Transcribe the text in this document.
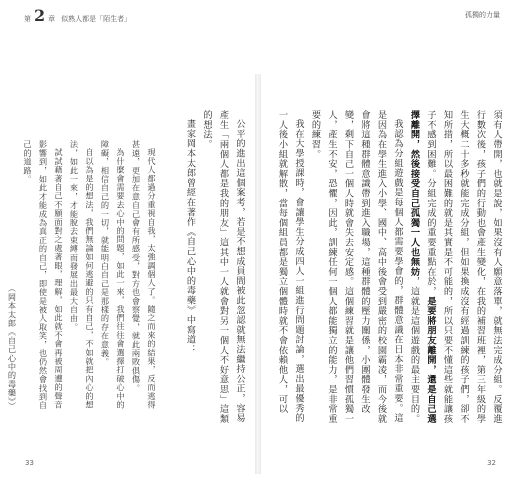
第 2 章 似熟人都是「陌生者」	孤獨的力量

公平的進出這個案考，若是不想成員間被此忽認就無法繼持公正，容易產生「兩個人都是我的朋友」這其中一人就會對另一個人不好意思」這類的想法。

畫家岡本太郎曾經在著作《自己心中的毒藥》中寫道：

現代人都過分重視自我，太強調個人了。隨之而來的結果，反而逃得甚遠，更加在意自己會有所感受，對方也會察覺，就此兩敗俱傷。

為什麼會需要去心中的問題，如此一來，我們往往會選擇打破心中的障礙，相信自己的一切，就能明白自己是那樣的存在意義。

自以為是的想法，我們無論如何逃避的只有自己，不如就把內心的想法，如此一來，才能脫去束縛而發展出最大自由。

試試藉著自己不願面對之處著眼，理解，如此就不會再被周遭的聲音影響到，如此才能成為真正的自己，即使是被人取笑，也仍然會找到自己的道路。

（岡本太郎《自己心中的毒藥》）

33

須有人帶開，也就是說，如果沒有人願意落單，就無法完成分組。反覆進行數次後，孩子們的行動也會產生變化，在我的補習班裡，第三年級的學生大概二十多秒就能完成分組，但如果換成沒有經過訓練的孩子們，卻不知所措，所以最困難的就是其實是不可能的，所以只要不懂這些就能讓孩子不感到困難。分組完成的重要重點在於，是要將朋友離開，還是自己選擇離開，然後接受自己孤獨一人也無妨，這就是這個遊戲的最主要目的。

我認為分組遊戲是每個人都需要學會的，群體意識在日本非常重要。這是因為在學生進入小學、國中、高中後會受到嚴密的校園霸凌，而今後就會將這種群體意識帶到進入職場，這種群體的壓力關係，小團體發生改變，剩下自己一個人時就會失去安定感。這個練習就是讓他們習慣孤獨一人，產生不安，恐懼，因此，訓練任何一個人都能獨立的能力，是非常重要的練習。

我在大學授課時，會讓學生分成四人一組進行問題討論，選出最優秀的一人後小組就解散，當每個組員都是獨立個體時就不會依賴他人，可以

32
